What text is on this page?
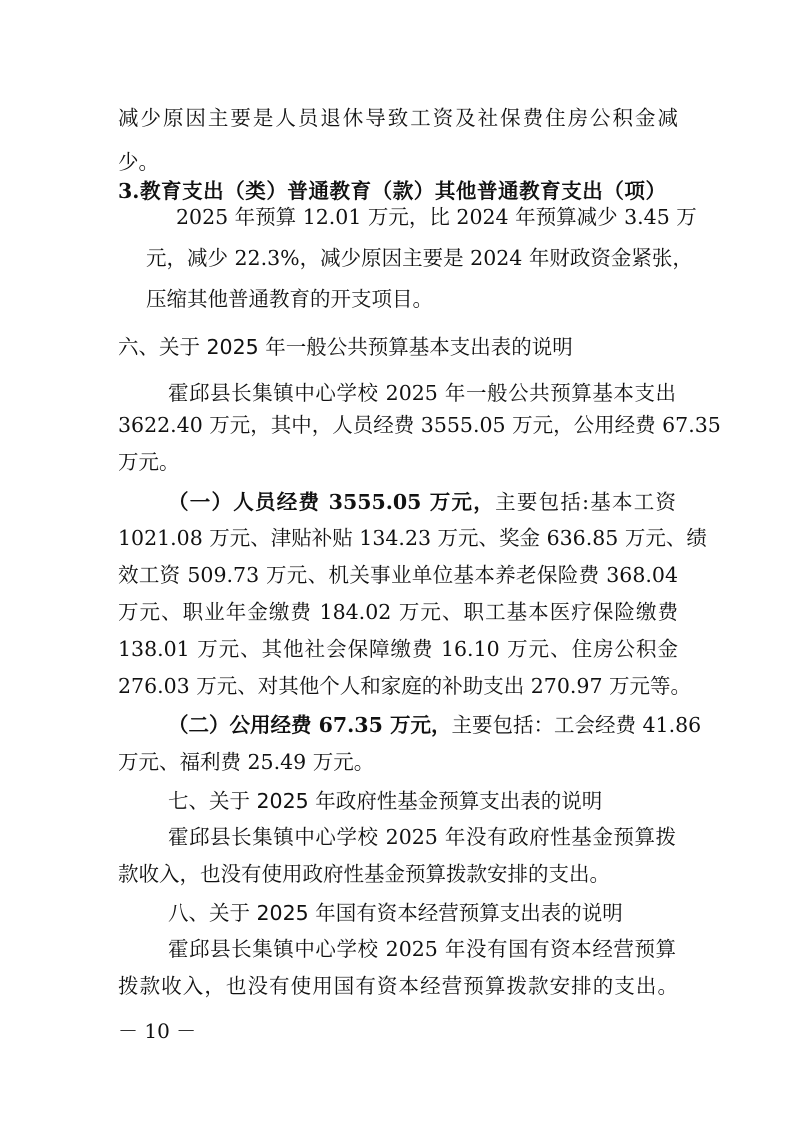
减少原因主要是人员退休导致工资及社保费住房公积金减

少。

3.教育支出（类）普通教育（款）其他普通教育支出（项）

2025 年预算 12.01 万元，比 2024 年预算减少 3.45 万

元，减少 22.3%，减少原因主要是 2024 年财政资金紧张，

压缩其他普通教育的开支项目。

六、关于 2025 年一般公共预算基本支出表的说明

霍邱县长集镇中心学校 2025 年一般公共预算基本支出

3622.40 万元，其中，人员经费 3555.05 万元，公用经费 67.35

万元。

（一）人员经费 3555.05 万元，主要包括:基本工资

1021.08 万元、津贴补贴 134.23 万元、奖金 636.85 万元、绩

效工资 509.73 万元、机关事业单位基本养老保险费 368.04

万元、职业年金缴费 184.02 万元、职工基本医疗保险缴费

138.01 万元、其他社会保障缴费 16.10 万元、住房公积金

276.03 万元、对其他个人和家庭的补助支出 270.97 万元等。

（二）公用经费 67.35 万元，主要包括：工会经费 41.86

万元、福利费 25.49 万元。

七、关于 2025 年政府性基金预算支出表的说明

霍邱县长集镇中心学校 2025 年没有政府性基金预算拨

款收入，也没有使用政府性基金预算拨款安排的支出。

八、关于 2025 年国有资本经营预算支出表的说明

霍邱县长集镇中心学校 2025 年没有国有资本经营预算

拨款收入，也没有使用国有资本经营预算拨款安排的支出。

－ 10 －
